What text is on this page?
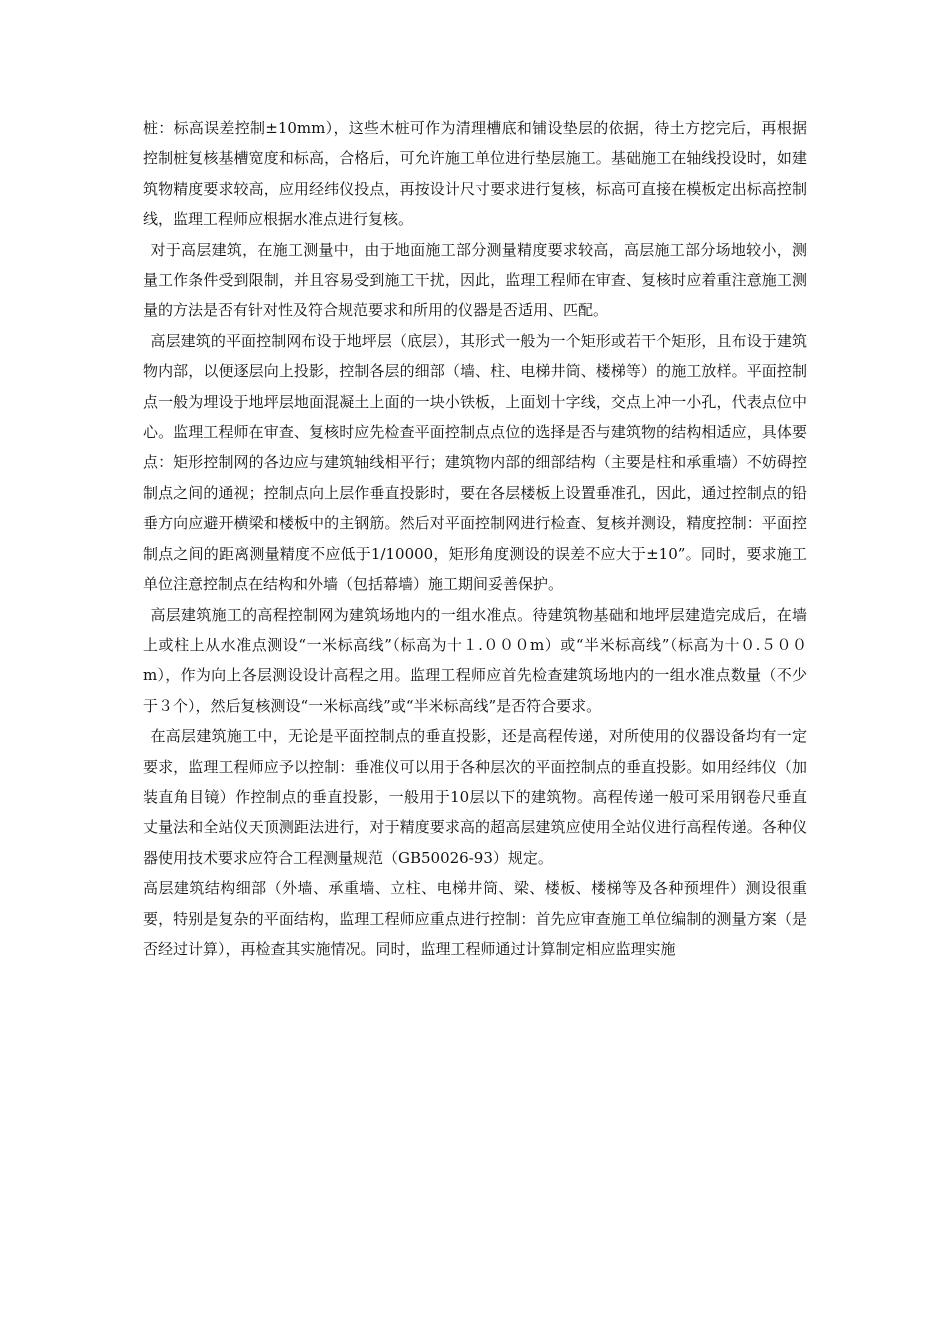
桩：标高误差控制±10mm），这些木桩可作为清理槽底和铺设垫层的依据，待土方挖完后，再根据控制桩复核基槽宽度和标高，合格后，可允许施工单位进行垫层施工。基础施工在轴线投设时，如建筑物精度要求较高，应用经纬仪投点，再按设计尺寸要求进行复核，标高可直接在模板定出标高控制线，监理工程师应根据水准点进行复核。

对于高层建筑，在施工测量中，由于地面施工部分测量精度要求较高，高层施工部分场地较小，测量工作条件受到限制，并且容易受到施工干扰，因此，监理工程师在审查、复核时应着重注意施工测量的方法是否有针对性及符合规范要求和所用的仪器是否适用、匹配。

高层建筑的平面控制网布设于地坪层（底层），其形式一般为一个矩形或若干个矩形，且布设于建筑物内部，以便逐层向上投影，控制各层的细部（墙、柱、电梯井筒、楼梯等）的施工放样。平面控制点一般为埋设于地坪层地面混凝土上面的一块小铁板，上面划十字线，交点上冲一小孔，代表点位中心。监理工程师在审查、复核时应先检查平面控制点点位的选择是否与建筑物的结构相适应，具体要点：矩形控制网的各边应与建筑轴线相平行；建筑物内部的细部结构（主要是柱和承重墙）不妨碍控制点之间的通视；控制点向上层作垂直投影时，要在各层楼板上设置垂准孔，因此，通过控制点的铅垂方向应避开横梁和楼板中的主钢筋。然后对平面控制网进行检查、复核并测设，精度控制：平面控制点之间的距离测量精度不应低于1/10000，矩形角度测设的误差不应大于±10”。同时，要求施工单位注意控制点在结构和外墙（包括幕墙）施工期间妥善保护。

高层建筑施工的高程控制网为建筑场地内的一组水准点。待建筑物基础和地坪层建造完成后，在墙上或柱上从水准点测设“一米标高线”（标高为十１.０００m）或“半米标高线”（标高为十０.５００m），作为向上各层测设设计高程之用。监理工程师应首先检查建筑场地内的一组水准点数量（不少于３个），然后复核测设“一米标高线”或“半米标高线”是否符合要求。

在高层建筑施工中，无论是平面控制点的垂直投影，还是高程传递，对所使用的仪器设备均有一定要求，监理工程师应予以控制：垂准仪可以用于各种层次的平面控制点的垂直投影。如用经纬仪（加装直角目镜）作控制点的垂直投影，一般用于10层以下的建筑物。高程传递一般可采用钢卷尺垂直丈量法和全站仪天顶测距法进行，对于精度要求高的超高层建筑应使用全站仪进行高程传递。各种仪器使用技术要求应符合工程测量规范（GB50026-93）规定。

高层建筑结构细部（外墙、承重墙、立柱、电梯井筒、梁、楼板、楼梯等及各种预埋件）测设很重要，特别是复杂的平面结构，监理工程师应重点进行控制：首先应审查施工单位编制的测量方案（是否经过计算），再检查其实施情况。同时，监理工程师通过计算制定相应监理实施
